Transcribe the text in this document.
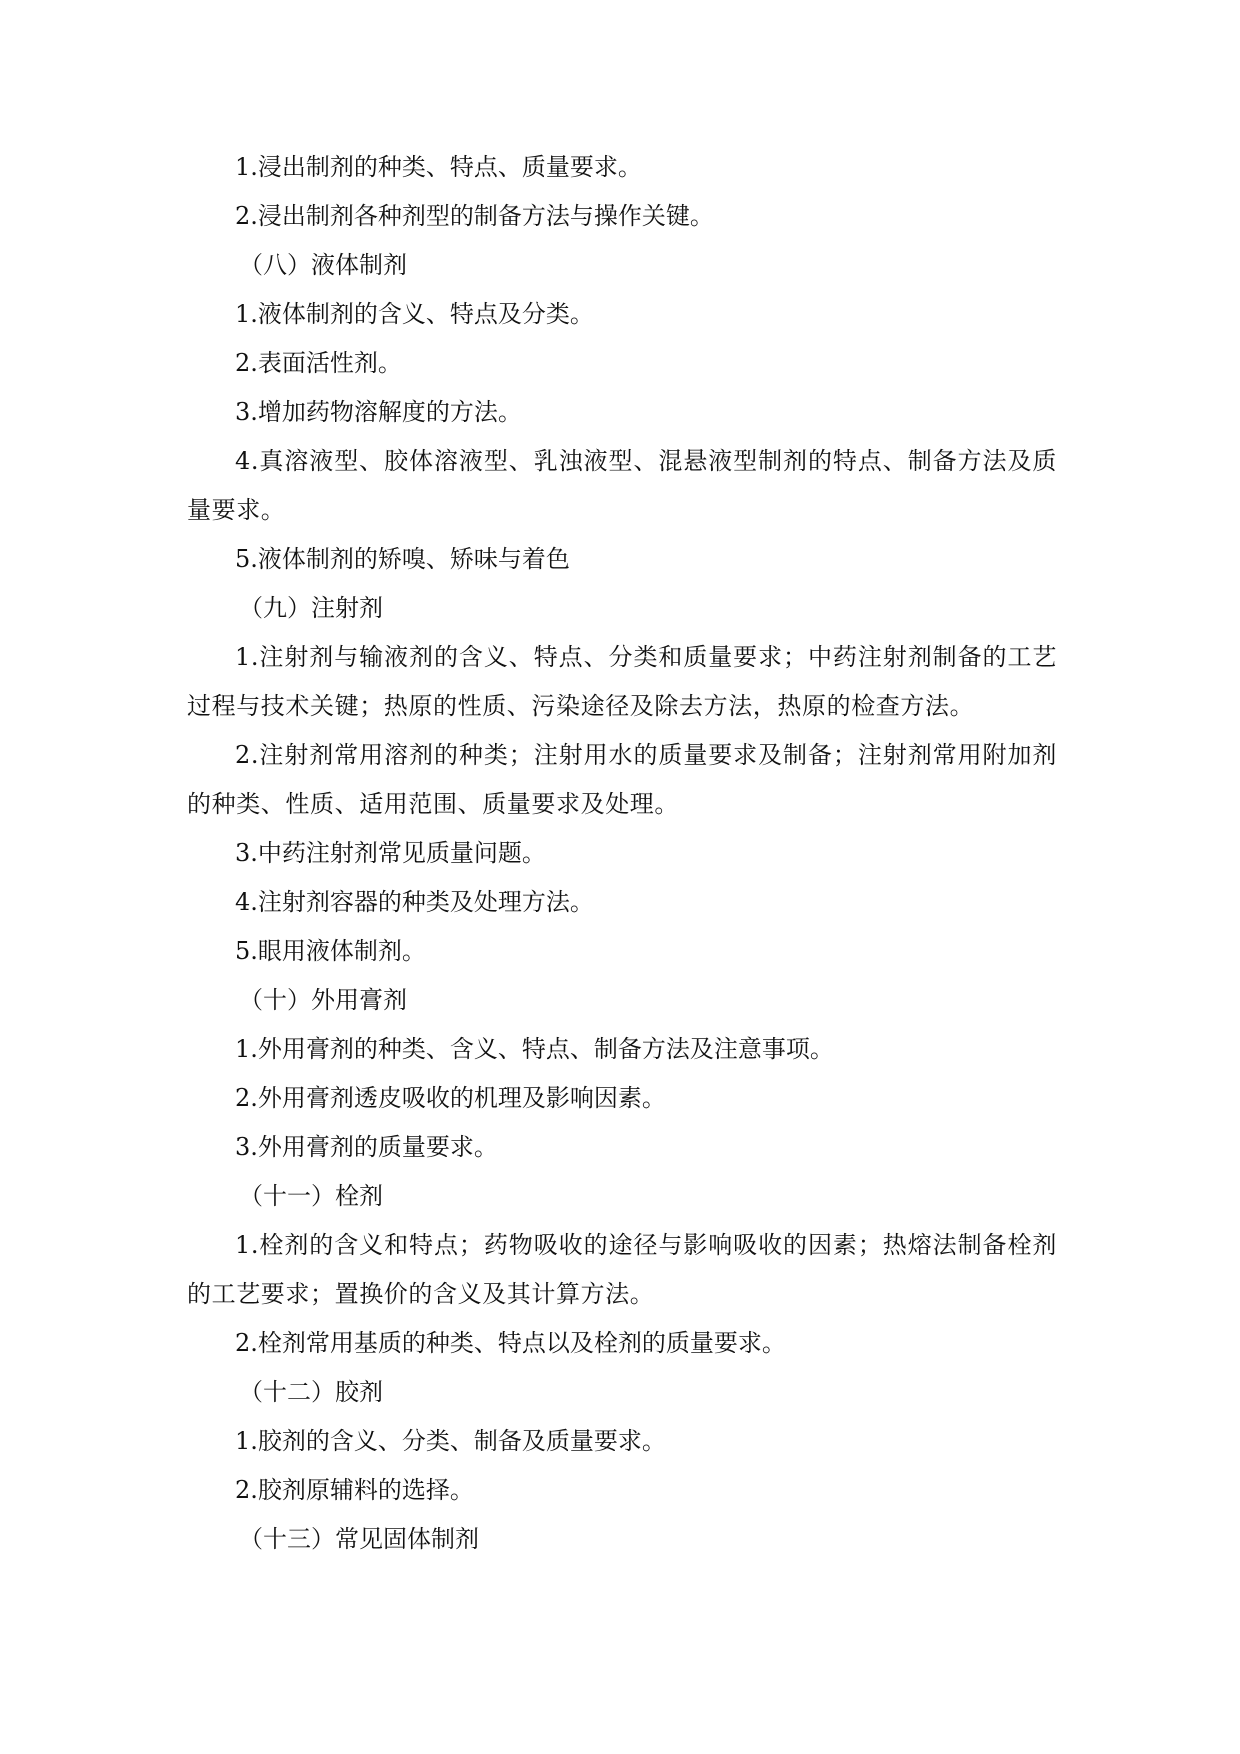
1.浸出制剂的种类、特点、质量要求。

2.浸出制剂各种剂型的制备方法与操作关键。

（八）液体制剂

1.液体制剂的含义、特点及分类。

2.表面活性剂。

3.增加药物溶解度的方法。

4.真溶液型、胶体溶液型、乳浊液型、混悬液型制剂的特点、制备方法及质量要求。

5.液体制剂的矫嗅、矫味与着色

（九）注射剂

1.注射剂与输液剂的含义、特点、分类和质量要求；中药注射剂制备的工艺过程与技术关键；热原的性质、污染途径及除去方法，热原的检查方法。

2.注射剂常用溶剂的种类；注射用水的质量要求及制备；注射剂常用附加剂的种类、性质、适用范围、质量要求及处理。

3.中药注射剂常见质量问题。

4.注射剂容器的种类及处理方法。

5.眼用液体制剂。

（十）外用膏剂

1.外用膏剂的种类、含义、特点、制备方法及注意事项。

2.外用膏剂透皮吸收的机理及影响因素。

3.外用膏剂的质量要求。

（十一）栓剂

1.栓剂的含义和特点；药物吸收的途径与影响吸收的因素；热熔法制备栓剂的工艺要求；置换价的含义及其计算方法。

2.栓剂常用基质的种类、特点以及栓剂的质量要求。

（十二）胶剂

1.胶剂的含义、分类、制备及质量要求。

2.胶剂原辅料的选择。

（十三）常见固体制剂
